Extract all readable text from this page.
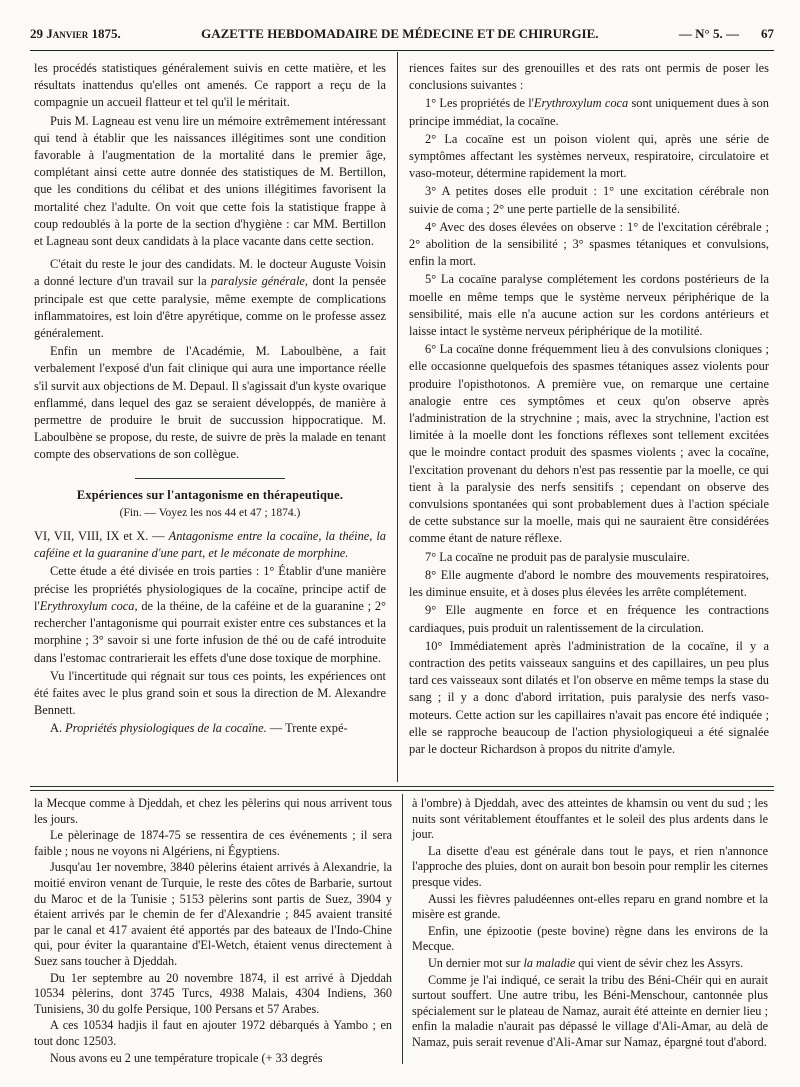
29 Janvier 1875.	GAZETTE HEBDOMADAIRE DE MÉDECINE ET DE CHIRURGIE.	— N° 5. — 67

les procédés statistiques généralement suivis en cette matière, et les résultats inattendus qu'elles ont amenés. Ce rapport a reçu de la compagnie un accueil flatteur et tel qu'il le méritait.

Puis M. Lagneau est venu lire un mémoire extrêmement intéressant qui tend à établir que les naissances illégitimes sont une condition favorable à l'augmentation de la mortalité dans le premier âge, complétant ainsi cette autre donnée des statistiques de M. Bertillon, que les conditions du célibat et des unions illégitimes favorisent la mortalité chez l'adulte. On voit que cette fois la statistique frappe à coup redoublés à la porte de la section d'hygiène : car MM. Bertillon et Lagneau sont deux candidats à la place vacante dans cette section.

C'était du reste le jour des candidats. M. le docteur Auguste Voisin a donné lecture d'un travail sur la paralysie générale, dont la pensée principale est que cette paralysie, même exempte de complications inflammatoires, est loin d'être apyrétique, comme on le professe assez généralement.

Enfin un membre de l'Académie, M. Laboulbène, a fait verbalement l'exposé d'un fait clinique qui aura une importance réelle s'il survit aux objections de M. Depaul. Il s'agissait d'un kyste ovarique enflammé, dans lequel des gaz se seraient développés, de manière à permettre de produire le bruit de succussion hippocratique. M. Laboulbène se propose, du reste, de suivre de près la malade en tenant compte des observations de son collègue.

Expériences sur l'antagonisme en thérapeutique.

(Fin. — Voyez les nos 44 et 47 ; 1874.)

VI, VII, VIII, IX et X. — Antagonisme entre la cocaïne, la théine, la caféine et la guaranine d'une part, et le méconate de morphine.

Cette étude a été divisée en trois parties : 1° Établir d'une manière précise les propriétés physiologiques de la cocaïne, principe actif de l'Erythroxylum coca, de la théine, de la caféine et de la guaranine ; 2° rechercher l'antagonisme qui pourrait exister entre ces substances et la morphine ; 3° savoir si une forte infusion de thé ou de café introduite dans l'estomac contrarierait les effets d'une dose toxique de morphine.

Vu l'incertitude qui régnait sur tous ces points, les expériences ont été faites avec le plus grand soin et sous la direction de M. Alexandre Bennett.

A. Propriétés physiologiques de la cocaïne. — Trente expé-

riences faites sur des grenouilles et des rats ont permis de poser les conclusions suivantes :

1° Les propriétés de l'Erythroxylum coca sont uniquement dues à son principe immédiat, la cocaïne.

2° La cocaïne est un poison violent qui, après une série de symptômes affectant les systèmes nerveux, respiratoire, circulatoire et vaso-moteur, détermine rapidement la mort.

3° A petites doses elle produit : 1° une excitation cérébrale non suivie de coma ; 2° une perte partielle de la sensibilité.

4° Avec des doses élevées on observe : 1° de l'excitation cérébrale ; 2° abolition de la sensibilité ; 3° spasmes tétaniques et convulsions, enfin la mort.

5° La cocaïne paralyse complétement les cordons postérieurs de la moelle en même temps que le système nerveux périphérique de la sensibilité, mais elle n'a aucune action sur les cordons antérieurs et laisse intact le système nerveux périphérique de la motilité.

6° La cocaïne donne fréquemment lieu à des convulsions cloniques ; elle occasionne quelquefois des spasmes tétaniques assez violents pour produire l'opisthotonos. A première vue, on remarque une certaine analogie entre ces symptômes et ceux qu'on observe après l'administration de la strychnine ; mais, avec la strychnine, l'action est limitée à la moelle dont les fonctions réflexes sont tellement excitées que le moindre contact produit des spasmes violents ; avec la cocaïne, l'excitation provenant du dehors n'est pas ressentie par la moelle, ce qui tient à la paralysie des nerfs sensitifs ; cependant on observe des convulsions spontanées qui sont probablement dues à l'action spéciale de cette substance sur la moelle, mais qui ne sauraient être considérées comme étant de nature réflexe.

7° La cocaïne ne produit pas de paralysie musculaire.

8° Elle augmente d'abord le nombre des mouvements respiratoires, les diminue ensuite, et à doses plus élevées les arrête complétement.

9° Elle augmente en force et en fréquence les contractions cardiaques, puis produit un ralentissement de la circulation.

10° Immédiatement après l'administration de la cocaïne, il y a contraction des petits vaisseaux sanguins et des capillaires, un peu plus tard ces vaisseaux sont dilatés et l'on observe en même temps la stase du sang ; il y a donc d'abord irritation, puis paralysie des nerfs vaso-moteurs. Cette action sur les capillaires n'avait pas encore été indiquée ; elle se rapproche beaucoup de l'action physiologiqueui a été signalée par le docteur Richardson à propos du nitrite d'amyle.

la Mecque comme à Djeddah, et chez les pèlerins qui nous arrivent tous les jours.

Le pèlerinage de 1874-75 se ressentira de ces événements ; il sera faible ; nous ne voyons ni Algériens, ni Égyptiens.

Jusqu'au 1er novembre, 3840 pèlerins étaient arrivés à Alexandrie, la moitié environ venant de Turquie, le reste des côtes de Barbarie, surtout du Maroc et de la Tunisie ; 5153 pèlerins sont partis de Suez, 3904 y étaient arrivés par le chemin de fer d'Alexandrie ; 845 avaient transité par le canal et 417 avaient été apportés par des bateaux de l'Indo-Chine qui, pour éviter la quarantaine d'El-Wetch, étaient venus directement à Suez sans toucher à Djeddah.

Du 1er septembre au 20 novembre 1874, il est arrivé à Djeddah 10534 pèlerins, dont 3745 Turcs, 4938 Malais, 4304 Indiens, 360 Tunisiens, 30 du golfe Persique, 100 Persans et 57 Arabes.

A ces 10534 hadjis il faut en ajouter 1972 débarqués à Yambo ; en tout donc 12503.

Nous avons eu 2 une température tropicale (+ 33 degrés

à l'ombre) à Djeddah, avec des atteintes de khamsin ou vent du sud ; les nuits sont véritablement étouffantes et le soleil des plus ardents dans le jour.

La disette d'eau est générale dans tout le pays, et rien n'annonce l'approche des pluies, dont on aurait bon besoin pour remplir les citernes presque vides.

Aussi les fièvres paludéennes ont-elles reparu en grand nombre et la misère est grande.

Enfin, une épizootie (peste bovine) règne dans les environs de la Mecque.

Un dernier mot sur la maladie qui vient de sévir chez les Assyrs.

Comme je l'ai indiqué, ce serait la tribu des Béni-Chéir qui en aurait surtout souffert. Une autre tribu, les Béni-Menschour, cantonnée plus spécialement sur le plateau de Namaz, aurait été atteinte en dernier lieu ; enfin la maladie n'aurait pas dépassé le village d'Ali-Amar, au delà de Namaz, puis serait revenue d'Ali-Amar sur Namaz, épargné tout d'abord.
